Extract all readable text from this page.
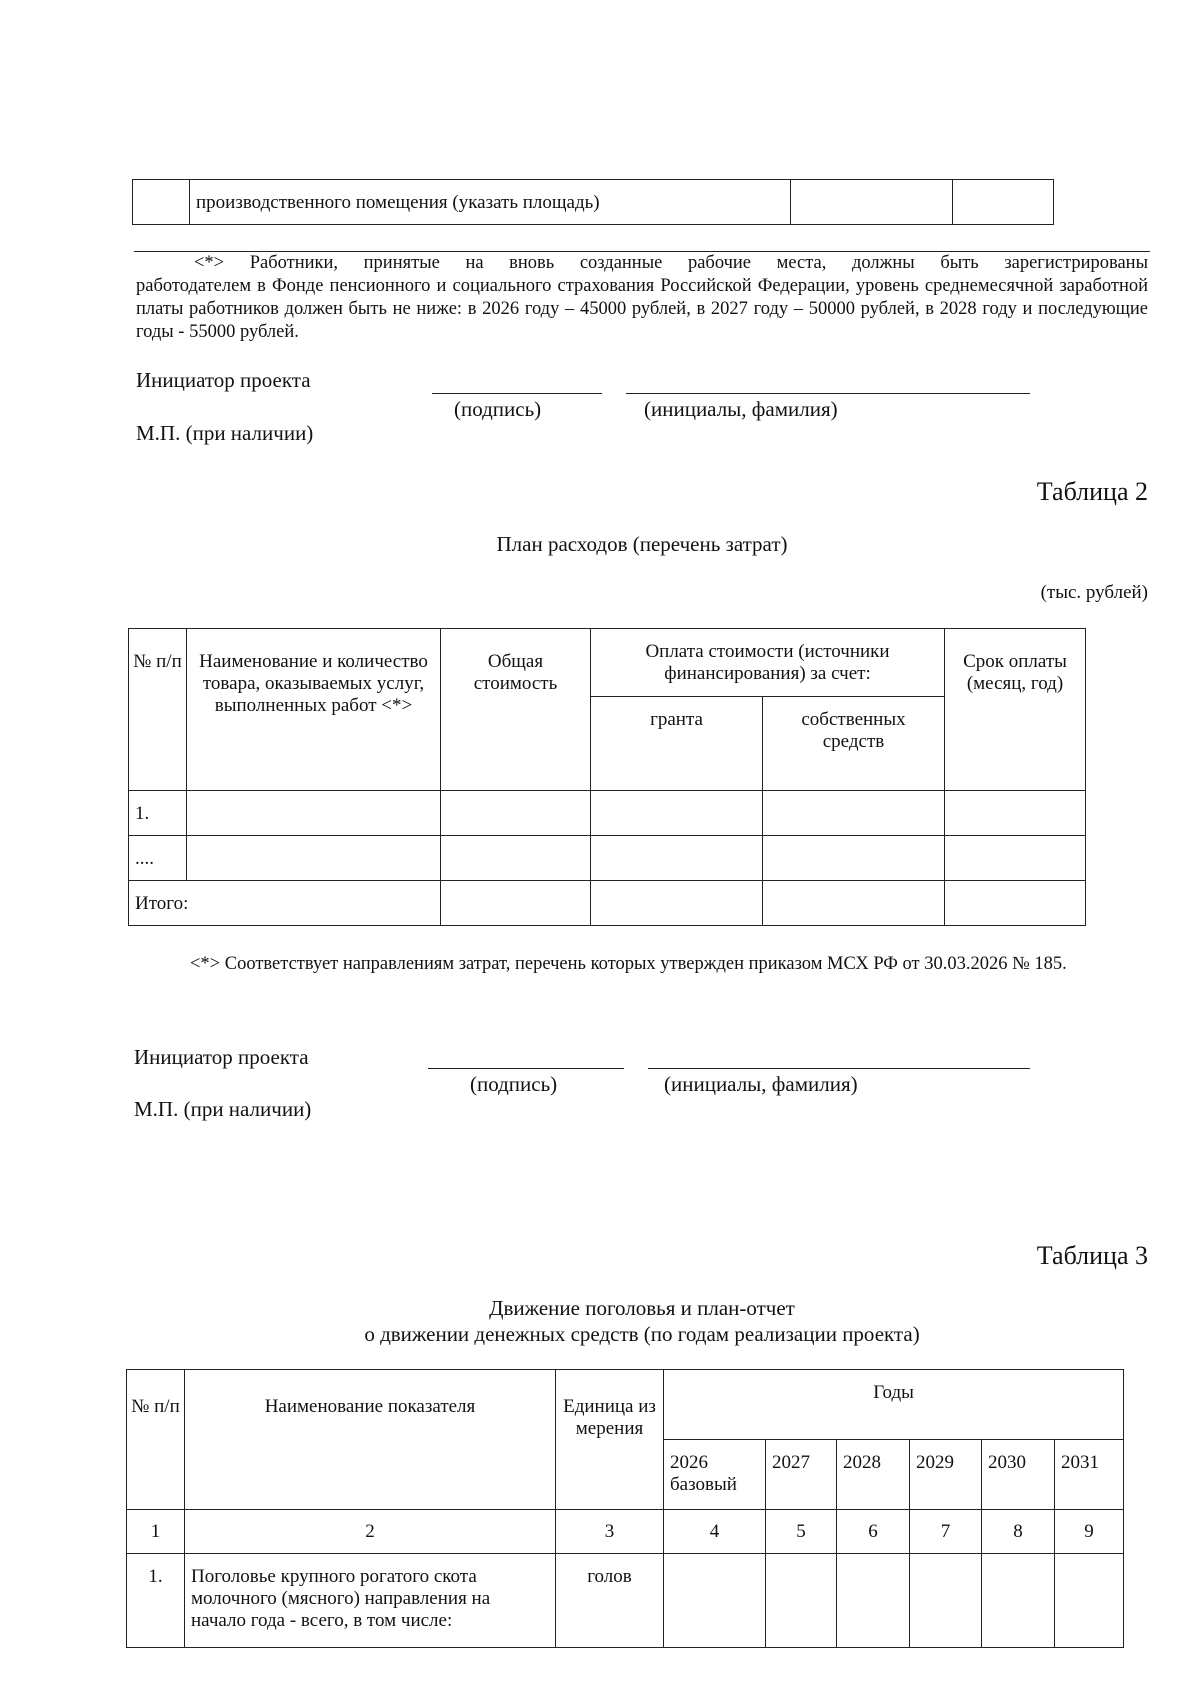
	производственного помещения (указать площадь)		
<*> Работники, принятые на вновь созданные рабочие места, должны быть зарегистрированы
работодателем в Фонде пенсионного и социального страхования Российской Федерации, уровень среднемесячной заработной платы работников должен быть не ниже: в 2026 году – 45000 рублей, в 2027 году – 50000 рублей, в 2028 году и последующие годы - 55000 рублей.
Инициатор проекта
(подпись)	(инициалы, фамилия)
М.П. (при наличии)
Таблица 2
План расходов (перечень затрат)
(тыс. рублей)
№ п/п	Наименование и количество товара, оказываемых услуг, выполненных работ <*>	Общая стоимость	Оплата стоимости (источники финансирования) за счет:		Срок оплаты (месяц, год)
			гранта	собственных средств	
1.					
....					
Итого:					
<*> Соответствует направлениям затрат, перечень которых утвержден приказом МСХ РФ от 30.03.2026 № 185.
Инициатор проекта
(подпись)	(инициалы, фамилия)
М.П. (при наличии)
Таблица 3
Движение поголовья и план-отчет
о движении денежных средств (по годам реализации проекта)
№ п/п	Наименование показателя	Единица измерения	Годы					
			2026 базовый	2027	2028	2029	2030	2031
1	2	3	4	5	6	7	8	9
1.	Поголовье крупного рогатого скота молочного (мясного) направления на начало года - всего, в том числе:	голов						
